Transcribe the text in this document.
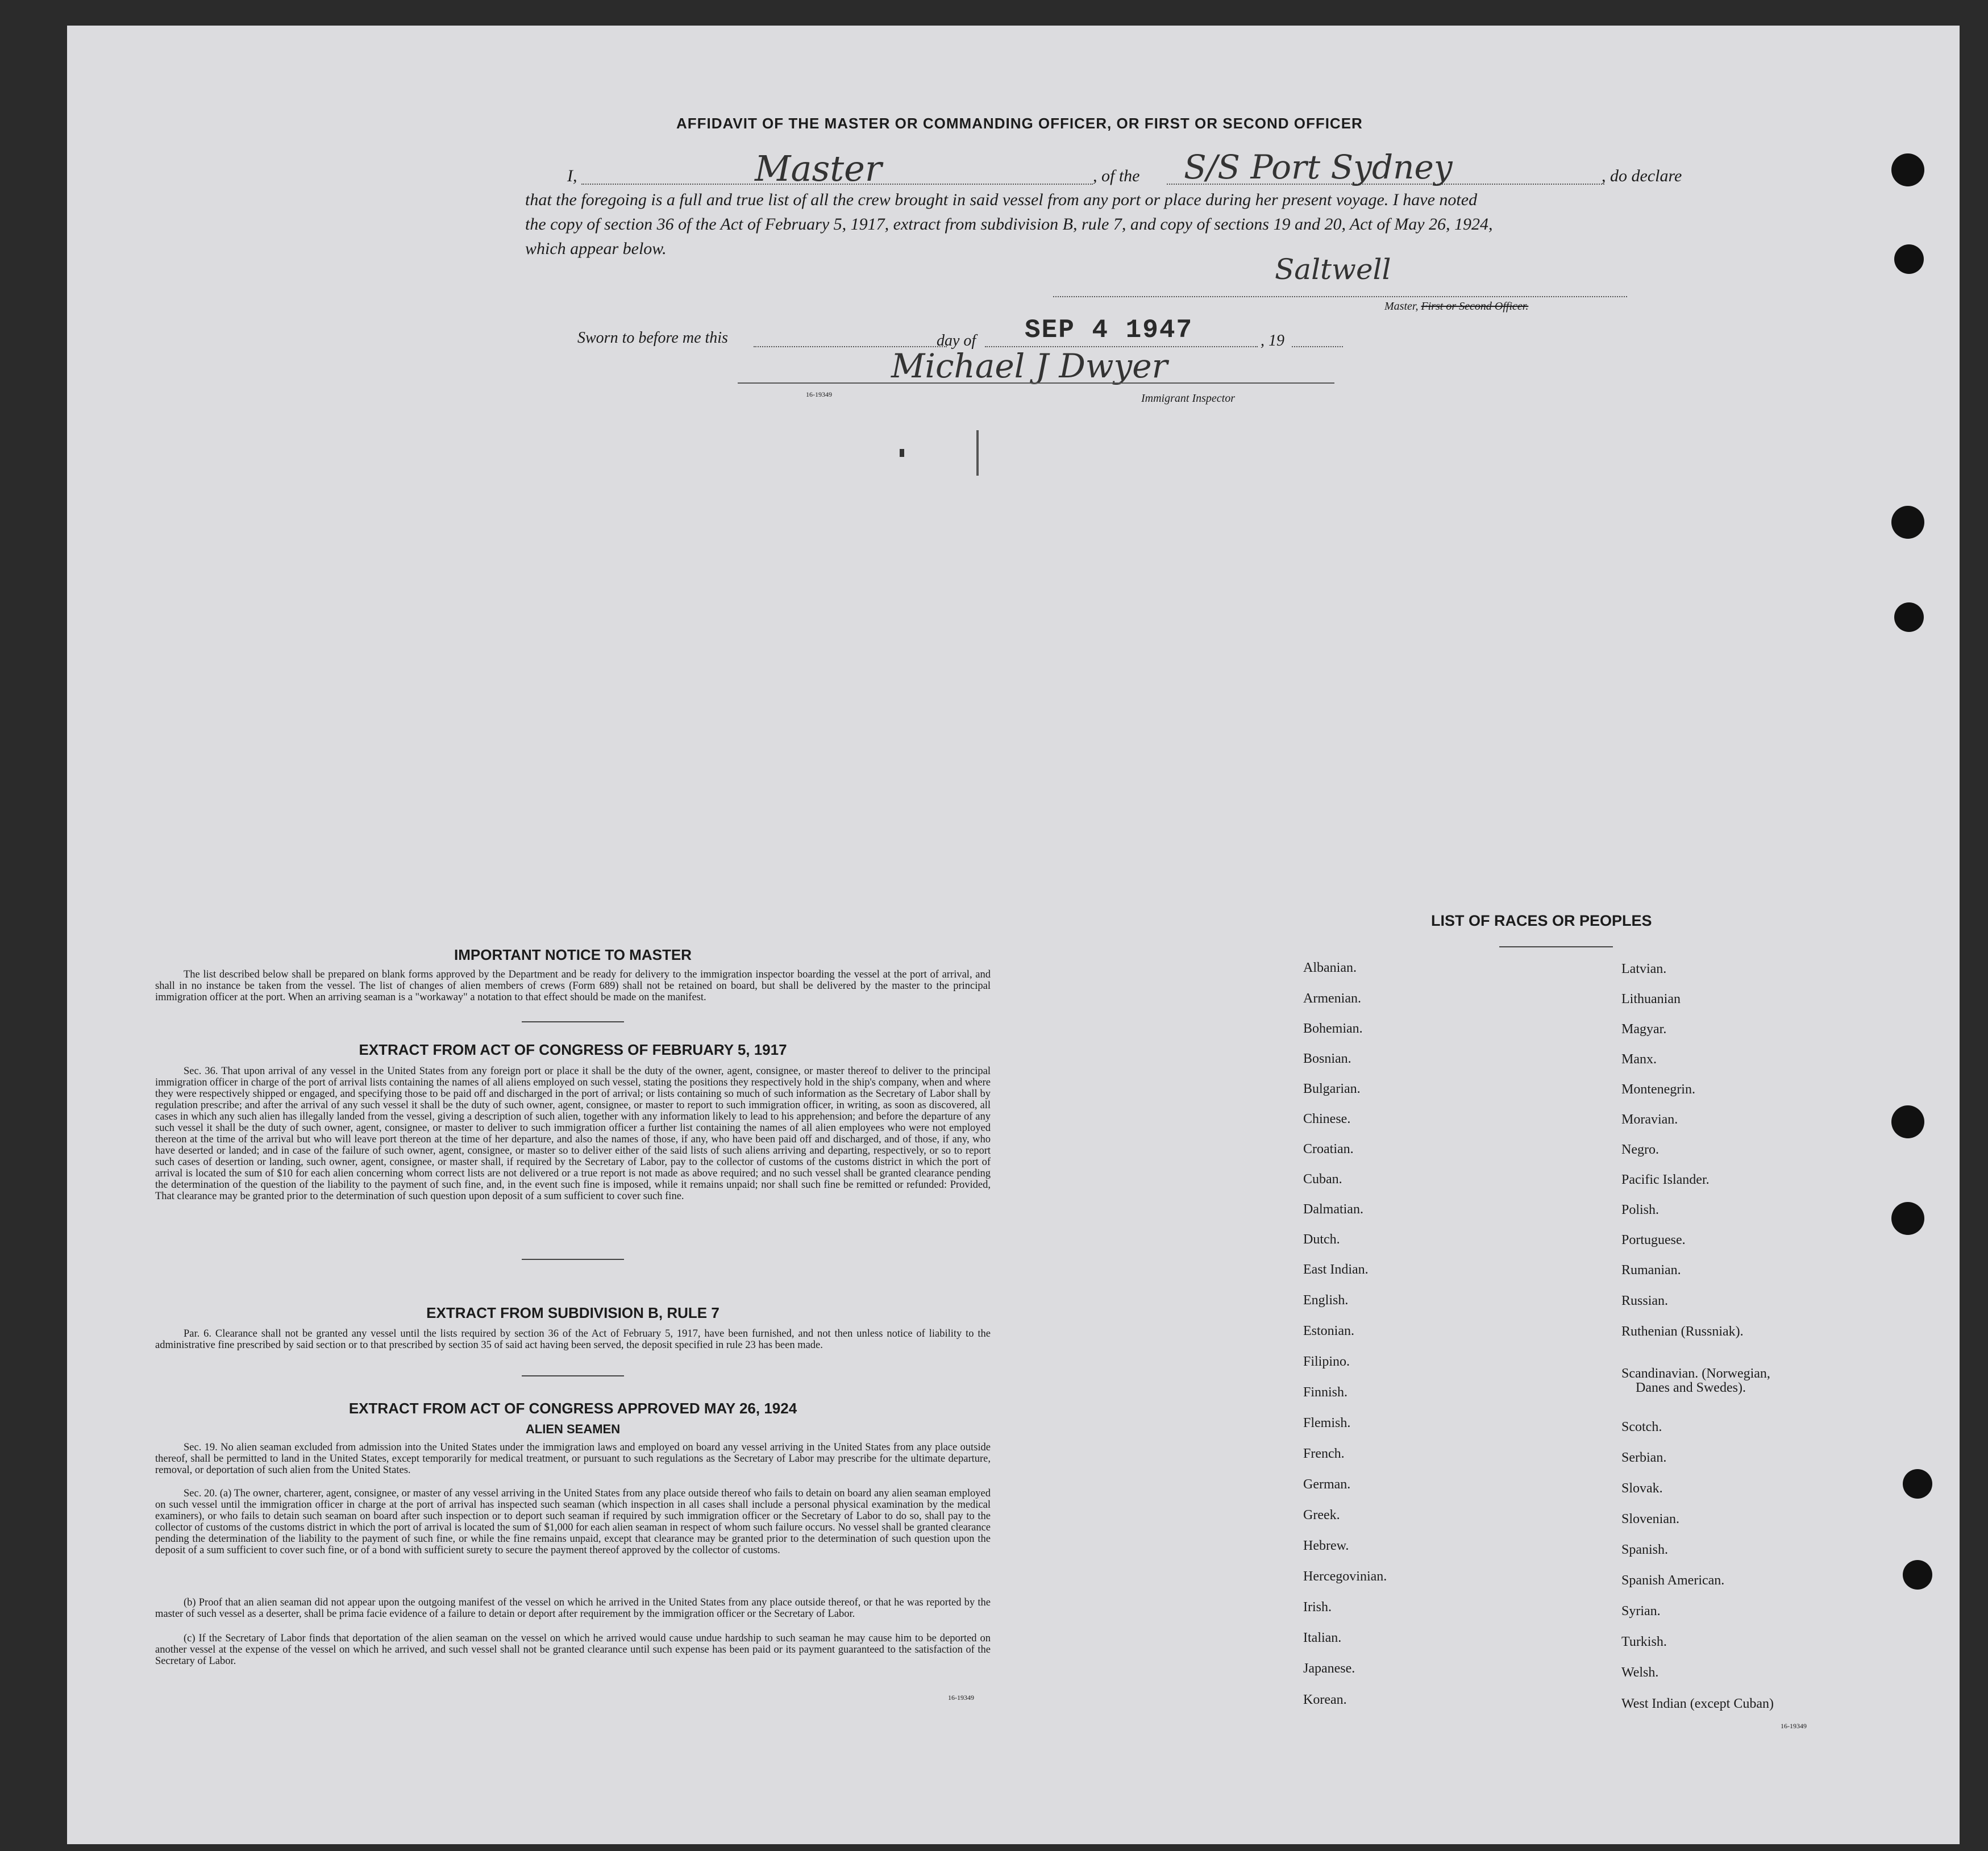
AFFIDAVIT OF THE MASTER OR COMMANDING OFFICER, OR FIRST OR SECOND OFFICER
I,	Master	, of the S/S Port Sydney	, do declare
that the foregoing is a full and true list of all the crew brought in said vessel from any port or place during her present voyage. I have noted
the copy of section 36 of the Act of February 5, 1917, extract from subdivision B, rule 7, and copy of sections 19 and 20, Act of May 26, 1924,
which appear below.
Saltwell
Master, First or Second Officer.
Sworn to before me this	day of SEP 4 1947	, 19
Michael J Dwyer
16-19349	Immigrant Inspector
IMPORTANT NOTICE TO MASTER
The list described below shall be prepared on blank forms approved by the Department and be ready for delivery to the immigration inspector boarding the vessel at the port of arrival, and shall in no instance be taken from the vessel. The list of changes of alien members of crews (Form 689) shall not be retained on board, but shall be delivered by the master to the principal immigration officer at the port. When an arriving seaman is a "workaway" a notation to that effect should be made on the manifest.
EXTRACT FROM ACT OF CONGRESS OF FEBRUARY 5, 1917
Sec. 36. That upon arrival of any vessel in the United States from any foreign port or place it shall be the duty of the owner, agent, consignee, or master thereof to deliver to the principal immigration officer in charge of the port of arrival lists containing the names of all aliens employed on such vessel, stating the positions they respectively hold in the ship's company, when and where they were respectively shipped or engaged, and specifying those to be paid off and discharged in the port of arrival; or lists containing so much of such information as the Secretary of Labor shall by regulation prescribe; and after the arrival of any such vessel it shall be the duty of such owner, agent, consignee, or master to report to such immigration officer, in writing, as soon as discovered, all cases in which any such alien has illegally landed from the vessel, giving a description of such alien, together with any information likely to lead to his apprehension; and before the departure of any such vessel it shall be the duty of such owner, agent, consignee, or master to deliver to such immigration officer a further list containing the names of all alien employees who were not employed thereon at the time of the arrival but who will leave port thereon at the time of her departure, and also the names of those, if any, who have been paid off and discharged, and of those, if any, who have deserted or landed; and in case of the failure of such owner, agent, consignee, or master so to deliver either of the said lists of such aliens arriving and departing, respectively, or so to report such cases of desertion or landing, such owner, agent, consignee, or master shall, if required by the Secretary of Labor, pay to the collector of customs of the customs district in which the port of arrival is located the sum of $10 for each alien concerning whom correct lists are not delivered or a true report is not made as above required; and no such vessel shall be granted clearance pending the determination of the question of the liability to the payment of such fine, and, in the event such fine is imposed, while it remains unpaid; nor shall such fine be remitted or refunded: Provided, That clearance may be granted prior to the determination of such question upon deposit of a sum sufficient to cover such fine.
EXTRACT FROM SUBDIVISION B, RULE 7
Par. 6. Clearance shall not be granted any vessel until the lists required by section 36 of the Act of February 5, 1917, have been furnished, and not then unless notice of liability to the administrative fine prescribed by said section or to that prescribed by section 35 of said act having been served, the deposit specified in rule 23 has been made.
EXTRACT FROM ACT OF CONGRESS APPROVED MAY 26, 1924
ALIEN SEAMEN
Sec. 19. No alien seaman excluded from admission into the United States under the immigration laws and employed on board any vessel arriving in the United States from any place outside thereof, shall be permitted to land in the United States, except temporarily for medical treatment, or pursuant to such regulations as the Secretary of Labor may prescribe for the ultimate departure, removal, or deportation of such alien from the United States.
Sec. 20. (a) The owner, charterer, agent, consignee, or master of any vessel arriving in the United States from any place outside thereof who fails to detain on board any alien seaman employed on such vessel until the immigration officer in charge at the port of arrival has inspected such seaman (which inspection in all cases shall include a personal physical examination by the medical examiners), or who fails to detain such seaman on board after such inspection or to deport such seaman if required by such immigration officer or the Secretary of Labor to do so, shall pay to the collector of customs of the customs district in which the port of arrival is located the sum of $1,000 for each alien seaman in respect of whom such failure occurs. No vessel shall be granted clearance pending the determination of the liability to the payment of such fine, or while the fine remains unpaid, except that clearance may be granted prior to the determination of such question upon the deposit of a sum sufficient to cover such fine, or of a bond with sufficient surety to secure the payment thereof approved by the collector of customs.
(b) Proof that an alien seaman did not appear upon the outgoing manifest of the vessel on which he arrived in the United States from any place outside thereof, or that he was reported by the master of such vessel as a deserter, shall be prima facie evidence of a failure to detain or deport after requirement by the immigration officer or the Secretary of Labor.
(c) If the Secretary of Labor finds that deportation of the alien seaman on the vessel on which he arrived would cause undue hardship to such seaman he may cause him to be deported on another vessel at the expense of the vessel on which he arrived, and such vessel shall not be granted clearance until such expense has been paid or its payment guaranteed to the satisfaction of the Secretary of Labor.
16-19349
LIST OF RACES OR PEOPLES
Albanian.
Armenian.
Bohemian.
Bosnian.
Bulgarian.
Chinese.
Croatian.
Cuban.
Dalmatian.
Dutch.
East Indian.
English.
Estonian.
Filipino.
Finnish.
Flemish.
French.
German.
Greek.
Hebrew.
Hercegovinian.
Irish.
Italian.
Japanese.
Korean.
Latvian.
Lithuanian
Magyar.
Manx.
Montenegrin.
Moravian.
Negro.
Pacific Islander.
Polish.
Portuguese.
Rumanian.
Russian.
Ruthenian (Russniak).
Scandinavian. (Norwegian,
Danes and Swedes).
Scotch.
Serbian.
Slovak.
Slovenian.
Spanish.
Spanish American.
Syrian.
Turkish.
Welsh.
West Indian (except Cuban)
16-19349
